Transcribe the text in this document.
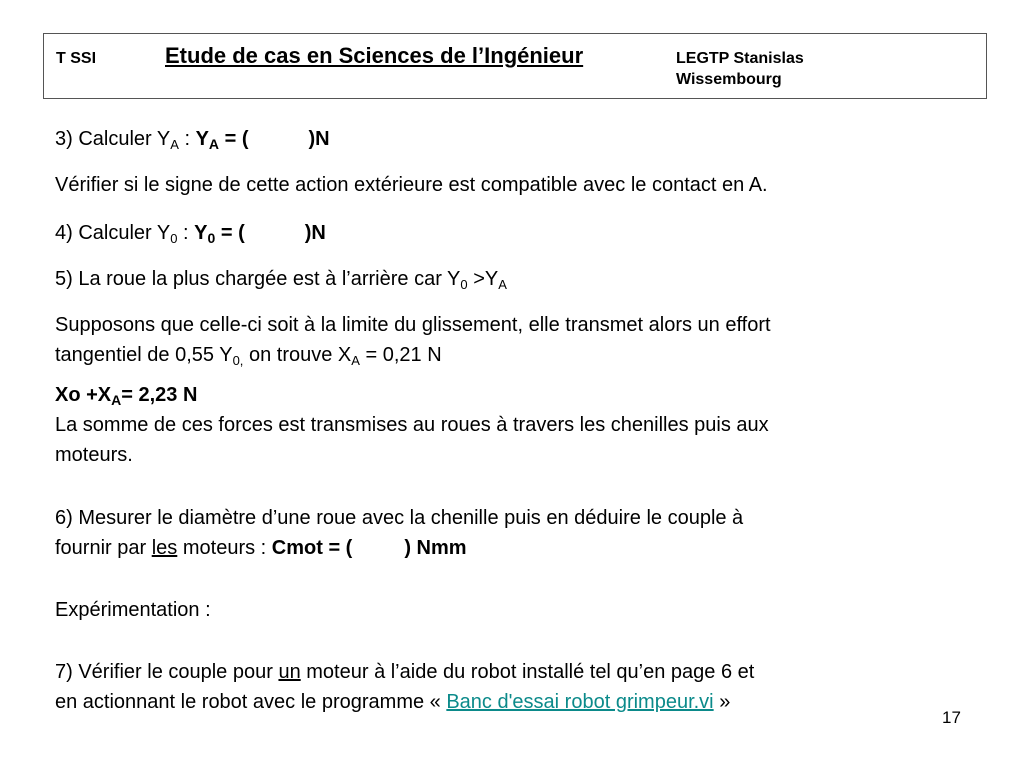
T SSI	Etude de cas en Sciences de l’Ingénieur	LEGTP Stanislas
Wissembourg
3) Calculer $Y_A$ : $Y_A$ = (	)N
Vérifier si le signe de cette action extérieure est compatible avec le contact en A.
4) Calculer $Y_0$ : $Y_0$ = (	)N
5) La roue la plus chargée est à l’arrière car $Y_0 >Y_A$
Supposons que celle-ci soit à la limite du glissement, elle transmet alors un effort
tangentiel de 0,55 $Y_{0,}$ on trouve $X_A = 0,21$ N
$Xo +X_A= 2,23$ N
La somme de ces forces est transmises au roues à travers les chenilles puis aux
moteurs.
6) Mesurer le diamètre d’une roue avec la chenille puis en déduire le couple à
fournir par les moteurs : Cmot = (	) Nmm
Expérimentation :
7) Vérifier le couple pour un moteur à l’aide du robot installé tel qu’en page 6 et
en actionnant le robot avec le programme « Banc d'essai robot grimpeur.vi »
17
